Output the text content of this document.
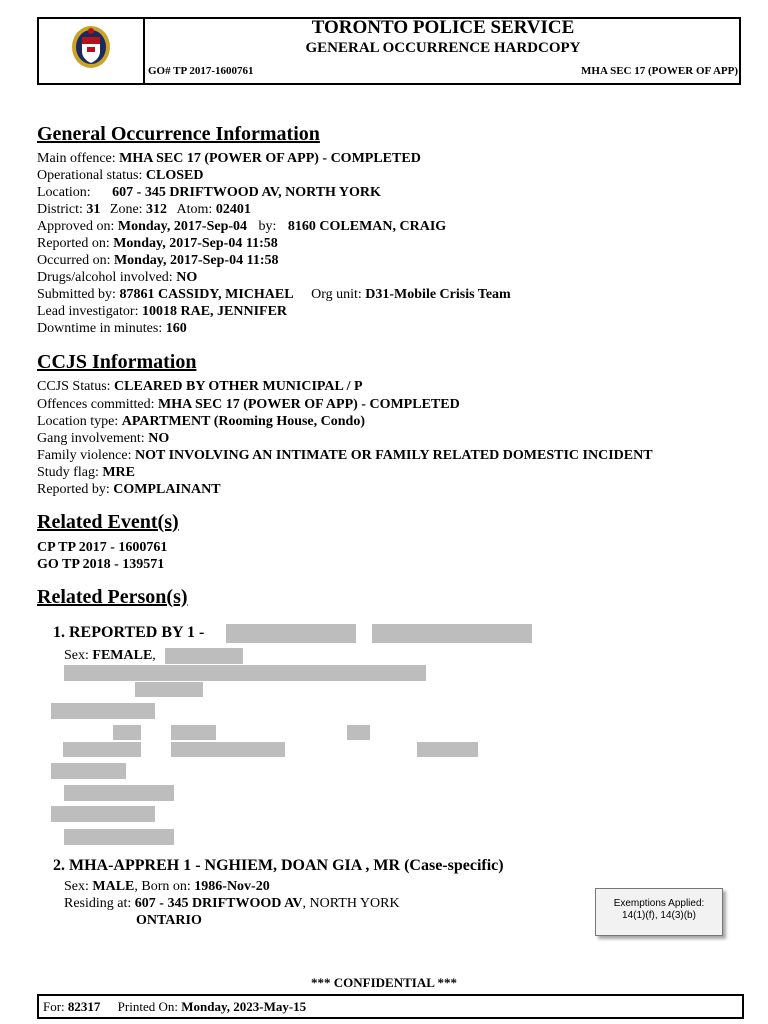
TORONTO POLICE SERVICE
GENERAL OCCURRENCE HARDCOPY
GO# TP 2017-1600761	MHA SEC 17 (POWER OF APP)
General Occurrence Information
Main offence: MHA SEC 17 (POWER OF APP) - COMPLETED
Operational status: CLOSED
Location: 607 - 345 DRIFTWOOD AV, NORTH YORK
District: 31 Zone: 312 Atom: 02401
Approved on: Monday, 2017-Sep-04 by: 8160 COLEMAN, CRAIG
Reported on: Monday, 2017-Sep-04 11:58
Occurred on: Monday, 2017-Sep-04 11:58
Drugs/alcohol involved: NO
Submitted by: 87861 CASSIDY, MICHAEL Org unit: D31-Mobile Crisis Team
Lead investigator: 10018 RAE, JENNIFER
Downtime in minutes: 160
CCJS Information
CCJS Status: CLEARED BY OTHER MUNICIPAL / P
Offences committed: MHA SEC 17 (POWER OF APP) - COMPLETED
Location type: APARTMENT (Rooming House, Condo)
Gang involvement: NO
Family violence: NOT INVOLVING AN INTIMATE OR FAMILY RELATED DOMESTIC INCIDENT
Study flag: MRE
Reported by: COMPLAINANT
Related Event(s)
CP TP 2017 - 1600761
GO TP 2018 - 139571
Related Person(s)
1. REPORTED BY 1 -
Sex: FEMALE,
2. MHA-APPREH 1 - NGHIEM, DOAN GIA , MR (Case-specific)
Sex: MALE, Born on: 1986-Nov-20
Residing at: 607 - 345 DRIFTWOOD AV, NORTH YORK
ONTARIO
Exemptions Applied:
14(1)(f), 14(3)(b)
*** CONFIDENTIAL ***
For: 82317 Printed On: Monday, 2023-May-15
